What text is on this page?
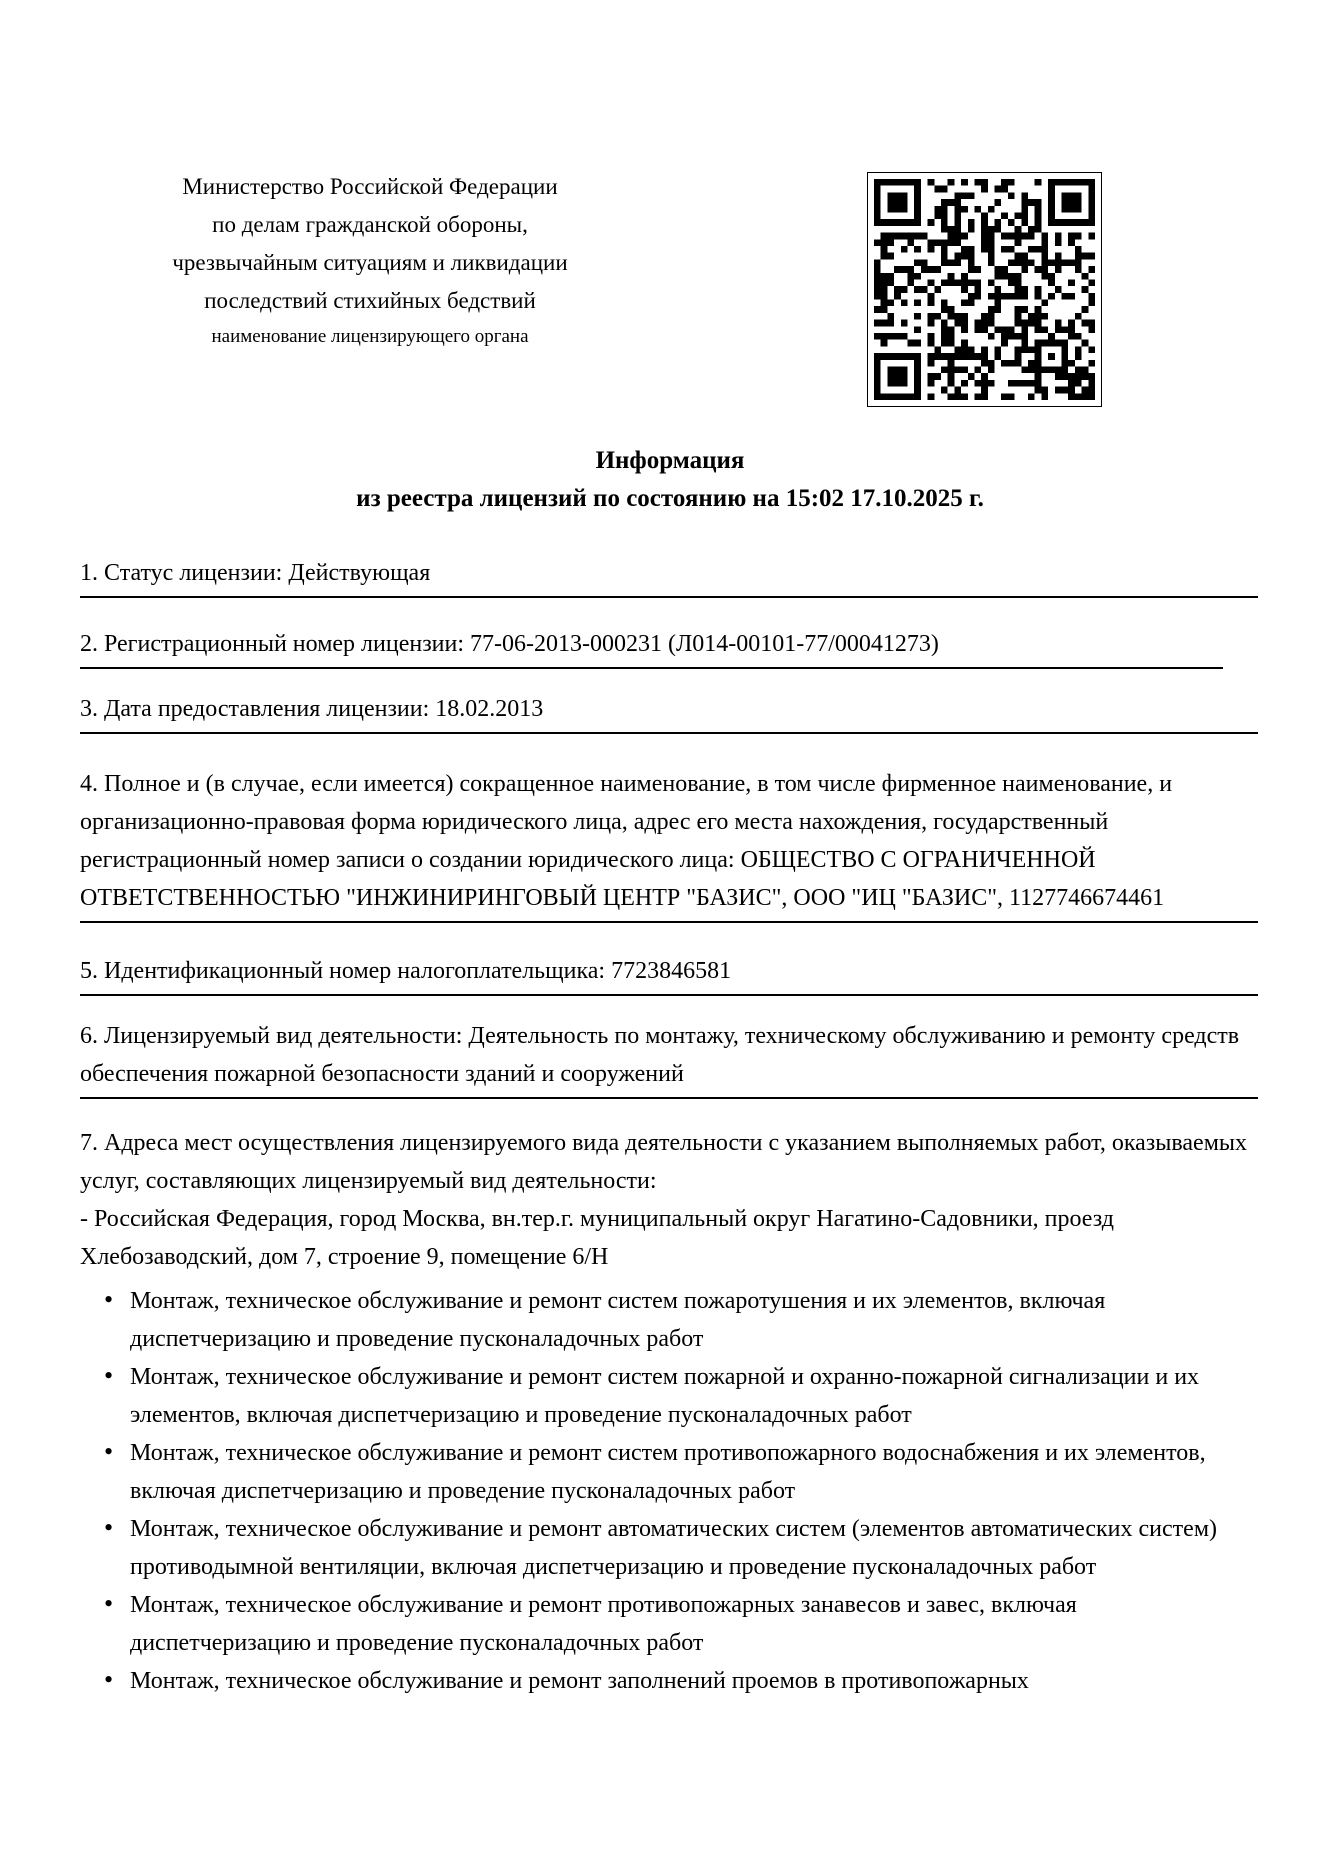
Министерство Российской Федерации
по делам гражданской обороны,
чрезвычайным ситуациям и ликвидации
последствий стихийных бедствий
наименование лицензирующего органа
Информация
из реестра лицензий по состоянию на 15:02 17.10.2025 г.
1. Статус лицензии: Действующая
2. Регистрационный номер лицензии: 77-06-2013-000231 (Л014-00101-77/00041273)
3. Дата предоставления лицензии: 18.02.2013
4. Полное и (в случае, если имеется) сокращенное наименование, в том числе фирменное наименование, и организационно-правовая форма юридического лица, адрес его места нахождения, государственный регистрационный номер записи о создании юридического лица: ОБЩЕСТВО С ОГРАНИЧЕННОЙ ОТВЕТСТВЕННОСТЬЮ "ИНЖИНИРИНГОВЫЙ ЦЕНТР "БАЗИС", ООО "ИЦ "БАЗИС", 1127746674461
5. Идентификационный номер налогоплательщика: 7723846581
6. Лицензируемый вид деятельности: Деятельность по монтажу, техническому обслуживанию и ремонту средств обеспечения пожарной безопасности зданий и сооружений

7. Адреса мест осуществления лицензируемого вида деятельности с указанием выполняемых работ, оказываемых услуг, составляющих лицензируемый вид деятельности:

- Российская Федерация, город Москва, вн.тер.г. муниципальный округ Нагатино-Садовники, проезд Хлебозаводский, дом 7, строение 9, помещение 6/Н

• Монтаж, техническое обслуживание и ремонт систем пожаротушения и их элементов, включая диспетчеризацию и проведение пусконаладочных работ
• Монтаж, техническое обслуживание и ремонт систем пожарной и охранно-пожарной сигнализации и их элементов, включая диспетчеризацию и проведение пусконаладочных работ
• Монтаж, техническое обслуживание и ремонт систем противопожарного водоснабжения и их элементов, включая диспетчеризацию и проведение пусконаладочных работ
• Монтаж, техническое обслуживание и ремонт автоматических систем (элементов автоматических систем) противодымной вентиляции, включая диспетчеризацию и проведение пусконаладочных работ
• Монтаж, техническое обслуживание и ремонт противопожарных занавесов и завес, включая диспетчеризацию и проведение пусконаладочных работ
• Монтаж, техническое обслуживание и ремонт заполнений проемов в противопожарных
